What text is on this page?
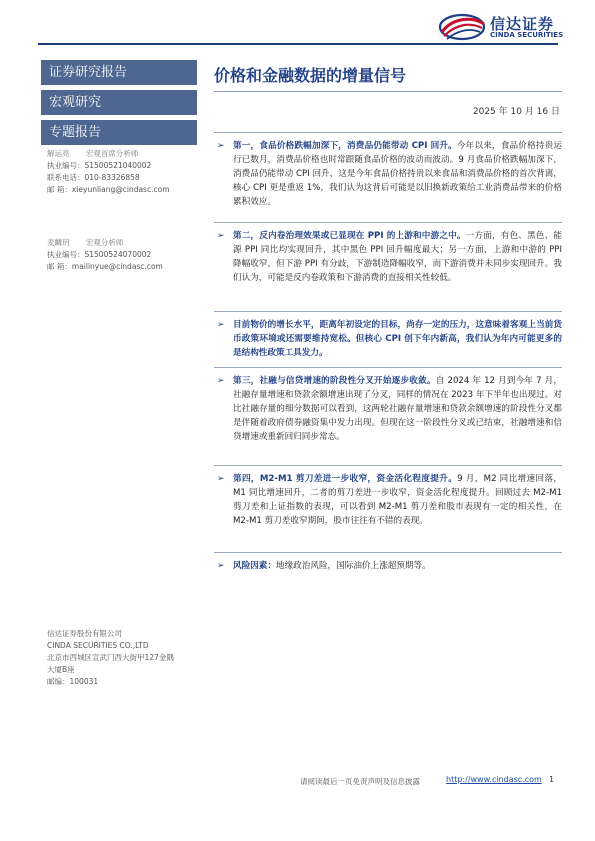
信达证券
CINDA SECURITIES
证券研究报告
宏观研究
专题报告
解运亮 宏观首席分析师
执业编号：S1500521040002
联系电话：010-83326858
邮 箱：xieyunliang@cindasc.com
麦麟玥 宏观分析师
执业编号：S1500524070002
邮 箱：mailinyue@cindasc.com
信达证券股份有限公司
CINDA SECURITIES CO.,LTD
北京市西城区宣武门西大街甲127金隅
大厦B座
邮编：100031
价格和金融数据的增量信号
2025 年 10 月 16 日
➢ 第一，食品价格跌幅加深下，消费品仍能带动 CPI 回升。今年以来，食品价格持贵运行已数月，消费品价格也时常跟随食品价格的波动而波动。9 月食品价格跌幅加深下，消费品仍能带动 CPI 回升，这是今年食品价格持贵以来食品和消费品价格的首次背离，核心 CPI 更是重返 1%，我们认为这背后可能是以旧换新政策给工业消费品带来的价格累积效应。
➢ 第二，反内卷治理效果或已显现在 PPI 的上游和中游之中。一方面，有色、黑色、能源 PPI 同比均实现回升，其中黑色 PPI 回升幅度最大；另一方面，上游和中游的 PPI 降幅收窄，但下游 PPI 有分歧，下游制造降幅收窄，而下游消费并未同步实现回升。我们认为，可能是反内卷政策和下游消费的直接相关性较低。
➢ 目前物价的增长水平，距离年初设定的目标，尚存一定的压力，这意味着客观上当前货币政策环境或还需要维持宽松。但核心 CPI 创下年内新高，我们认为年内可能更多的是结构性政策工具发力。
➢ 第三，社融与信贷增速的阶段性分叉开始逐步收敛。自 2024 年 12 月到今年 7 月，社融存量增速和贷款余额增速出现了分叉，同样的情况在 2023 年下半年也出现过。对比社融存量的细分数据可以看到，这两轮社融存量增速和贷款余额增速的阶段性分叉都是伴随着政府债券融资集中发力出现。但现在这一阶段性分叉或已结束，社融增速和信贷增速或重新回归同步常态。
➢ 第四，M2-M1 剪刀差进一步收窄，资金活化程度提升。9 月，M2 同比增速回落，M1 同比增速回升，二者的剪刀差进一步收窄，资金活化程度提升。回顾过去 M2-M1 剪刀差和上证指数的表现，可以看到 M2-M1 剪刀差和股市表现有一定的相关性，在 M2-M1 剪刀差收窄期间，股市往往有不错的表现。
➢ 风险因素：地缘政治风险，国际油价上涨超预期等。
请阅读最后一页免责声明及信息披露	http://www.cindasc.com 1
